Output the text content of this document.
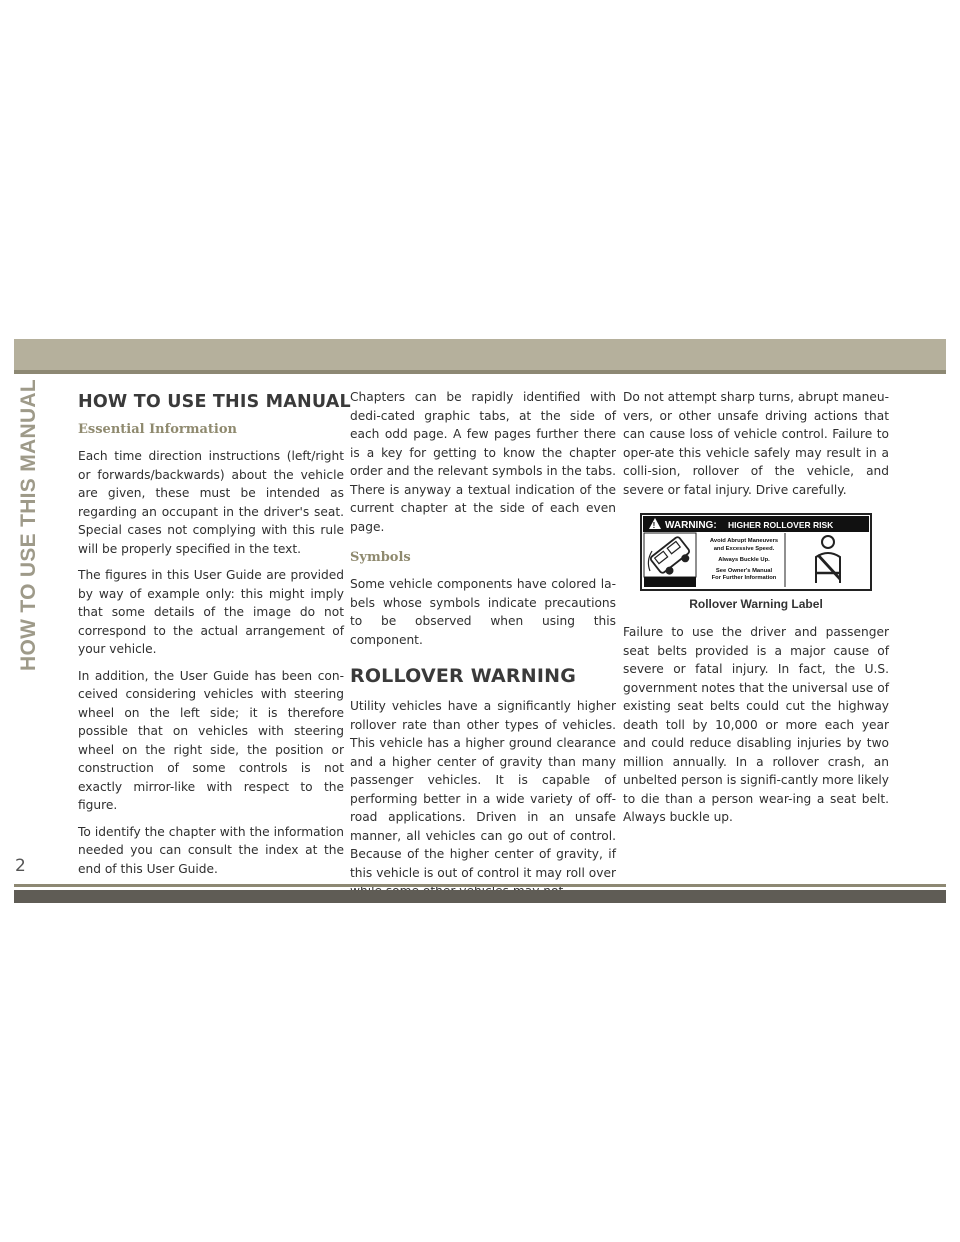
HOW TO USE THIS MANUAL HOW TO USE THIS MANUAL
Essential Information

Each time direction instructions (left/right or forwards/backwards) about the vehicle are given, these must be intended as regarding an occupant in the driver's seat. Special cases not complying with this rule will be properly specified in the text.

The figures in this User Guide are provided by way of example only: this might imply that some details of the image do not correspond to the actual arrangement of your vehicle.

In addition, the User Guide has been con-ceived considering vehicles with steering wheel on the left side; it is therefore possible that on vehicles with steering wheel on the right side, the position or construction of some controls is not exactly mirror-like with respect to the figure.

To identify the chapter with the information needed you can consult the index at the end of this User Guide.

Chapters can be rapidly identified with dedi-cated graphic tabs, at the side of each odd page. A few pages further there is a key for getting to know the chapter order and the relevant symbols in the tabs. There is anyway a textual indication of the current chapter at the side of each even page.

Symbols

Some vehicle components have colored la-bels whose symbols indicate precautions to be observed when using this component.

ROLLOVER WARNING

Utility vehicles have a significantly higher rollover rate than other types of vehicles. This vehicle has a higher ground clearance and a higher center of gravity than many passenger vehicles. It is capable of performing better in a wide variety of off-road applications. Driven in an unsafe manner, all vehicles can go out of control. Because of the higher center of gravity, if this vehicle is out of control it may roll over

Do not attempt sharp turns, abrupt maneu-vers, or other unsafe driving actions that can cause loss of vehicle control. Failure to oper-ate this vehicle safely may result in a colli-sion, rollover of the vehicle, and severe or fatal injury. Drive carefully.

! WARNING: HIGHER ROLLOVER RISK
Avoid Abrupt Maneuvers
and Excessive Speed.
Always Buckle Up.
See Owner's Manual
For Further Information
Rollover Warning Label

Failure to use the driver and passenger seat belts provided is a major cause of severe or fatal injury. In fact, the U.S. government notes that the universal use of existing seat belts could cut the highway death toll by 10,000 or more each year and could reduce disabling injuries by two million annually. In a rollover crash, an unbelted person is signifi-cantly more likely to die than a person wear-ing a seat belt. Always buckle up.

2
